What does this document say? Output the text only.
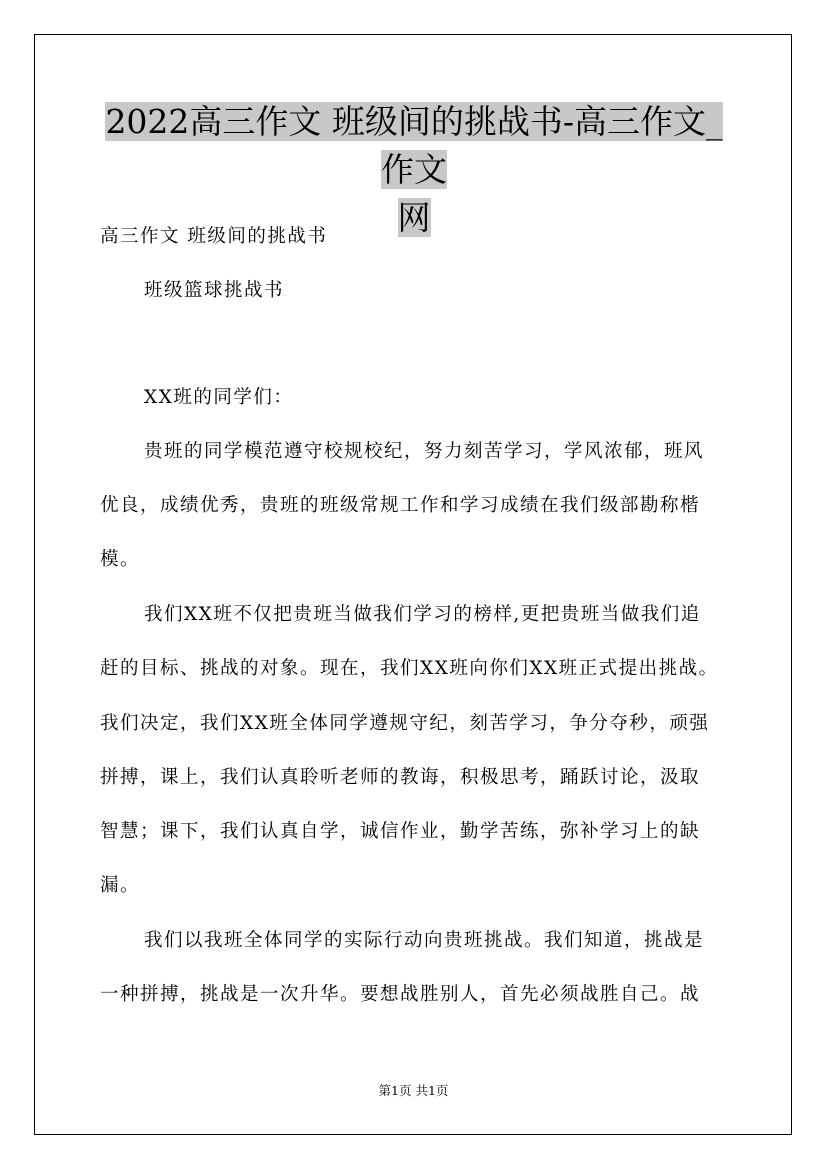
2022高三作文 班级间的挑战书-高三作文_作文
网

高三作文 班级间的挑战书

班级篮球挑战书

XX班的同学们：

贵班的同学模范遵守校规校纪，努力刻苦学习，学风浓郁，班风

优良，成绩优秀，贵班的班级常规工作和学习成绩在我们级部勘称楷

模。

我们XX班不仅把贵班当做我们学习的榜样,更把贵班当做我们追

赶的目标、挑战的对象。现在，我们XX班向你们XX班正式提出挑战。

我们决定，我们XX班全体同学遵规守纪，刻苦学习，争分夺秒，顽强

拼搏，课上，我们认真聆听老师的教诲，积极思考，踊跃讨论，汲取

智慧；课下，我们认真自学，诚信作业，勤学苦练，弥补学习上的缺

漏。

我们以我班全体同学的实际行动向贵班挑战。我们知道，挑战是

一种拼搏，挑战是一次升华。要想战胜别人，首先必须战胜自己。战

第1页 共1页
